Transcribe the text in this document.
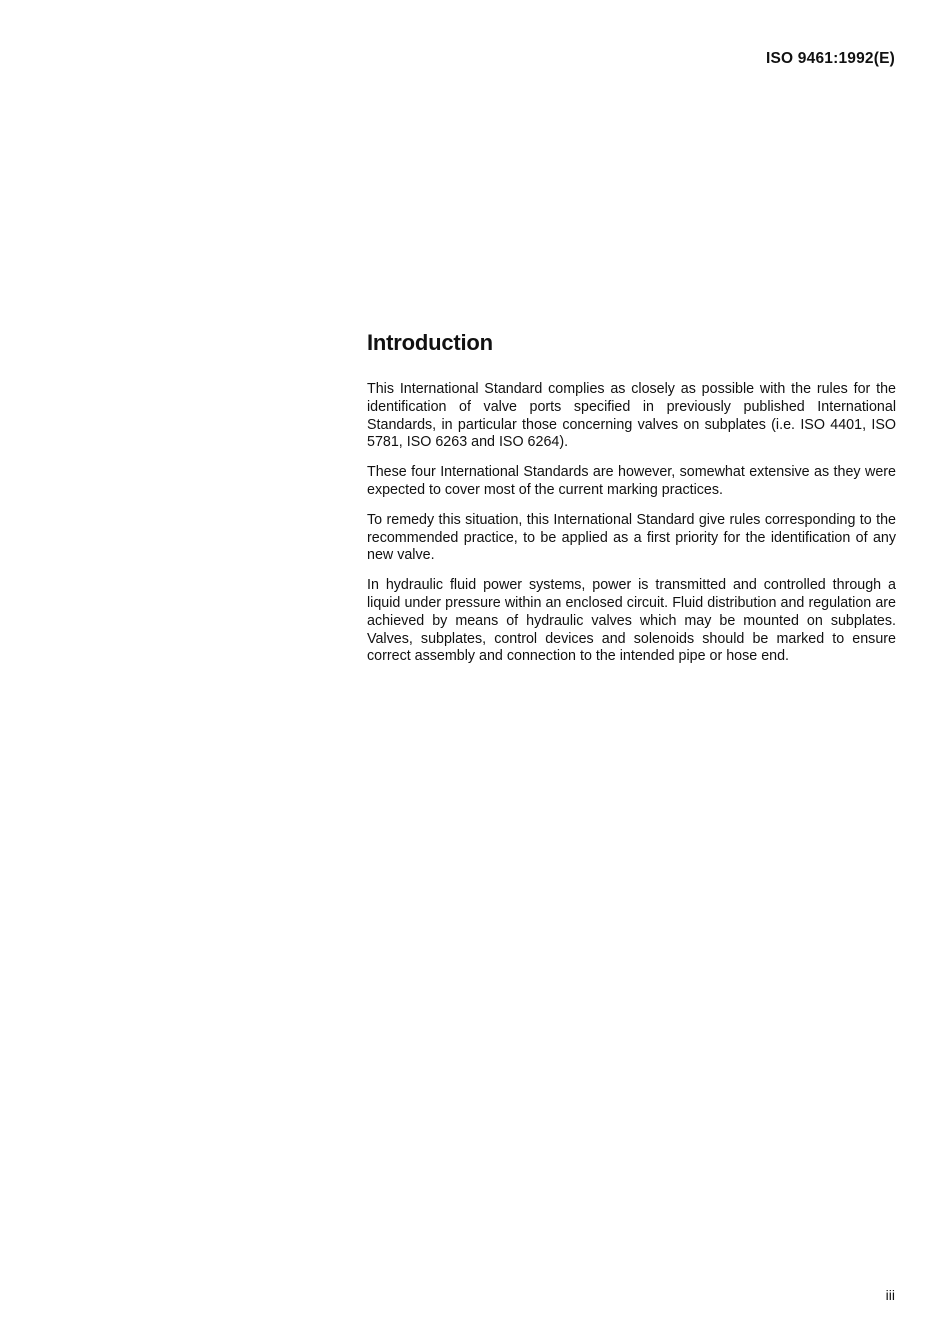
ISO 9461:1992(E)

Introduction

This International Standard complies as closely as possible with the rules for the identification of valve ports specified in previously published International Standards, in particular those concerning valves on subplates (i.e. ISO 4401, ISO 5781, ISO 6263 and ISO 6264).

These four International Standards are however, somewhat extensive as they were expected to cover most of the current marking practices.

To remedy this situation, this International Standard give rules corresponding to the recommended practice, to be applied as a first priority for the identification of any new valve.

In hydraulic fluid power systems, power is transmitted and controlled through a liquid under pressure within an enclosed circuit. Fluid distribution and regulation are achieved by means of hydraulic valves which may be mounted on subplates. Valves, subplates, control devices and solenoids should be marked to ensure correct assembly and connection to the intended pipe or hose end.

iii
